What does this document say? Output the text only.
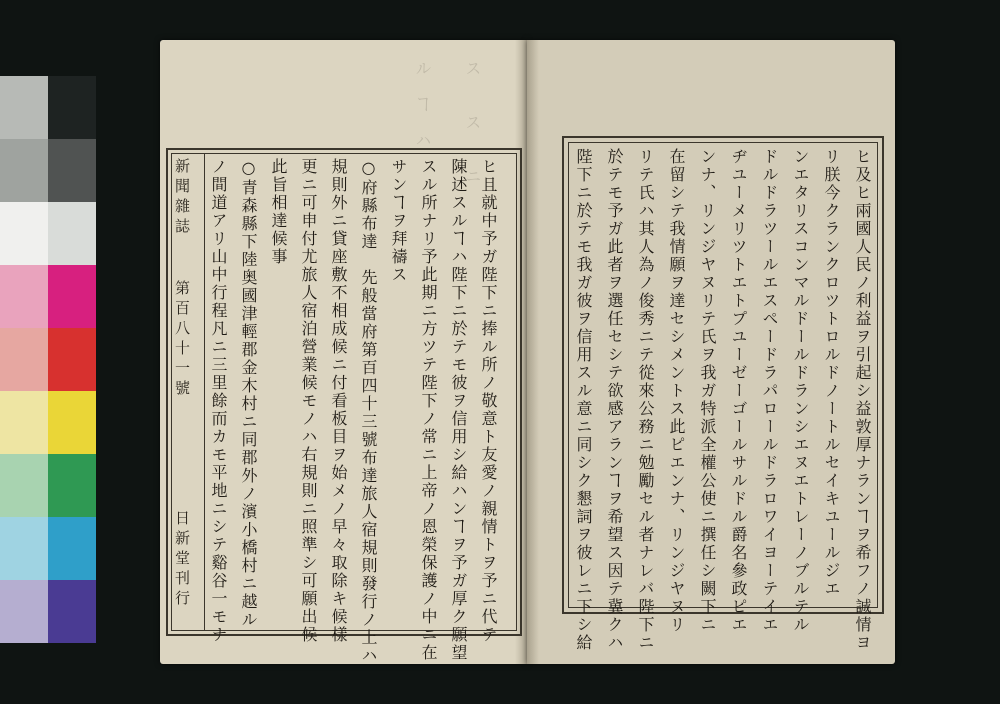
ス　　ス　　ニ
ル　ヿ　ハ
新聞雜誌
第百八十一號
日新堂刊行	ヒ且就中予ガ陛下ニ捧ル所ノ敬意ト友愛ノ親情トヲ予ニ代テ
陳述スルヿハ陛下ニ於テモ彼ヲ信用シ給ハンヿヲ予ガ厚ク願望
スル所ナリ予此期ニ方ツテ陛下ノ常ニ上帝ノ恩榮保護ノ中ニ在
サンヿヲ拜禱ス
○府縣布達　先般當府第百四十三號布達旅人宿規則發行ノ上ハ
規則外ニ貸座敷不相成候ニ付看板目ヲ始メノ早々取除キ候樣
更ニ可申付尤旅人宿泊營業候モノハ右規則ニ照準シ可願出候
此旨相達候事
○青森縣下陸奥國津輕郡金木村ニ同郡外ノ濱小橋村ニ越ル
ノ間道アリ山中行程凡ニ三里餘而カモ平地ニシテ谿谷一モナ	ヒ及ヒ兩國人民ノ利益ヲ引起シ益敦厚ナランヿヲ希フノ誠情ヨ
リ朕今クランクロツトロルドノートルセイキユールジエ
ンエタリスコンマルドールドランシエヌエトレーノブルテル
ドルドラツールエスペードラパロールドラロワイヨーテイエ
ヂユーメリツトエトプユーゼーゴールサルドル爵名參政ピエ
ンナ、リンジヤヌリテ氏ヲ我ガ特派全權公使ニ撰任シ闕下ニ
在留シテ我情願ヲ達セシメントス此ピエンナ、リンジヤヌリ
リテ氏ハ其人為ノ俊秀ニテ從來公務ニ勉勵セル者ナレバ陛下ニ
於テモ予ガ此者ヲ選任セシテ欲感アランヿヲ希望ス因テ冀クハ
陛下ニ於テモ我ガ彼ヲ信用スル意ニ同シク懇詞ヲ彼レニ下シ給
